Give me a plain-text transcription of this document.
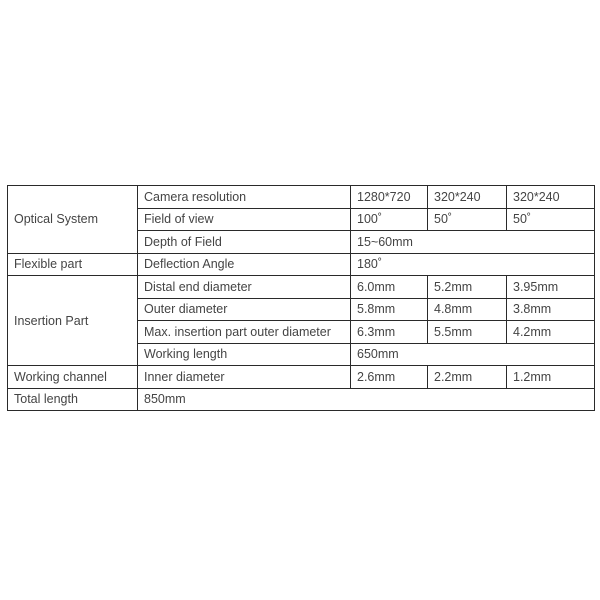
Optical System	Camera resolution	1280*720	320*240	320*240
	Field of view	100˚	50˚	50˚
	Depth of Field	15~60mm		
Flexible part	Deflection Angle	180˚		
Insertion Part	Distal end diameter	6.0mm	5.2mm	3.95mm
	Outer diameter	5.8mm	4.8mm	3.8mm
	Max. insertion part outer diameter	6.3mm	5.5mm	4.2mm
	Working length	650mm		
Working channel	Inner diameter	2.6mm	2.2mm	1.2mm
Total length	850mm			
